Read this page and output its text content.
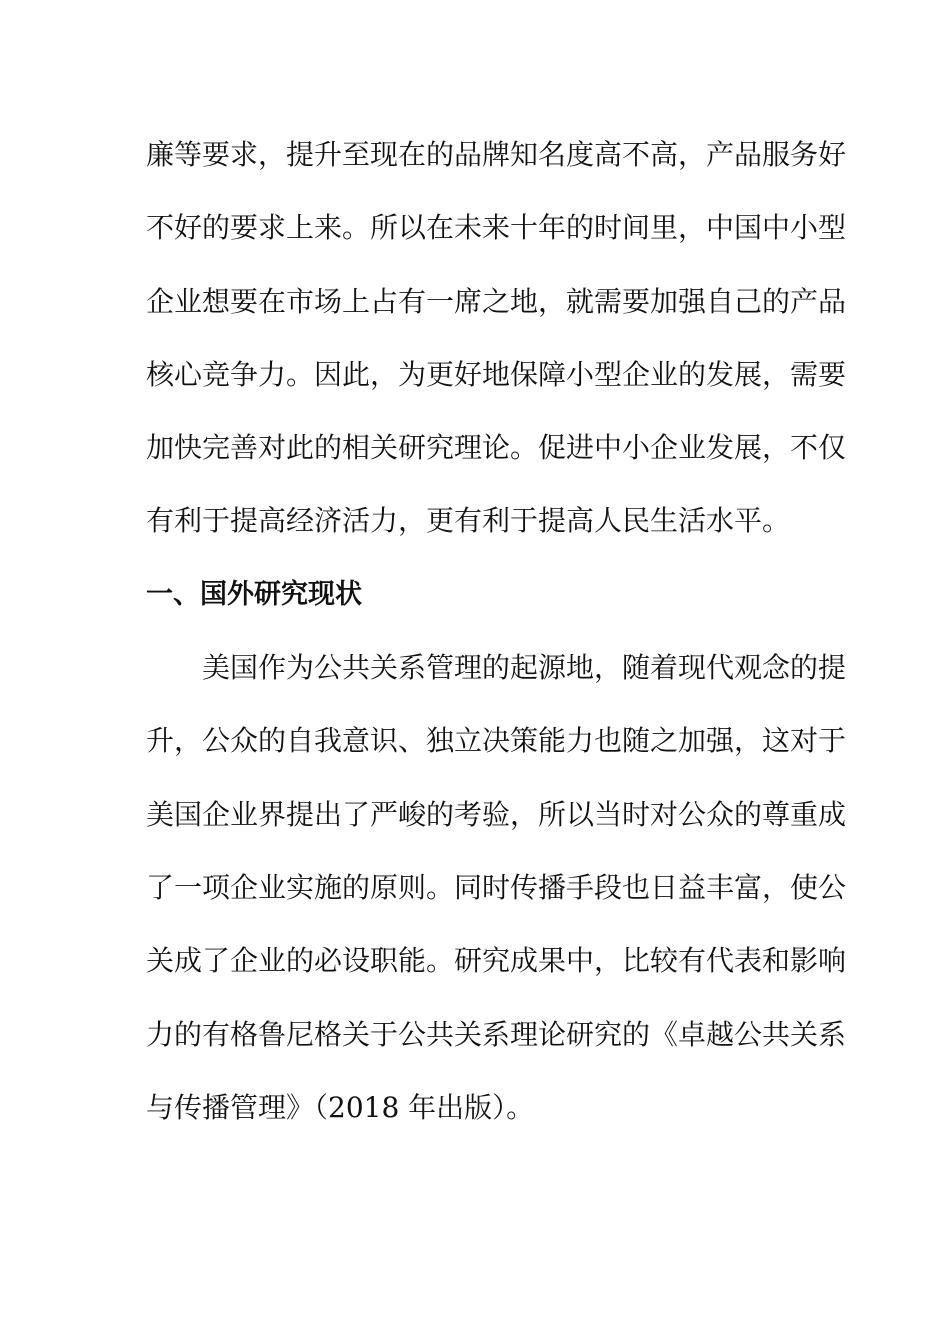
廉等要求，提升至现在的品牌知名度高不高，产品服务好
不好的要求上来。所以在未来十年的时间里，中国中小型
企业想要在市场上占有一席之地，就需要加强自己的产品
核心竞争力。因此，为更好地保障小型企业的发展，需要
加快完善对此的相关研究理论。促进中小企业发展，不仅
有利于提高经济活力，更有利于提高人民生活水平。
一、国外研究现状
美国作为公共关系管理的起源地，随着现代观念的提
升，公众的自我意识、独立决策能力也随之加强，这对于
美国企业界提出了严峻的考验，所以当时对公众的尊重成
了一项企业实施的原则。同时传播手段也日益丰富，使公
关成了企业的必设职能。研究成果中，比较有代表和影响
力的有格鲁尼格关于公共关系理论研究的《卓越公共关系
与传播管理》（2018 年出版）。
